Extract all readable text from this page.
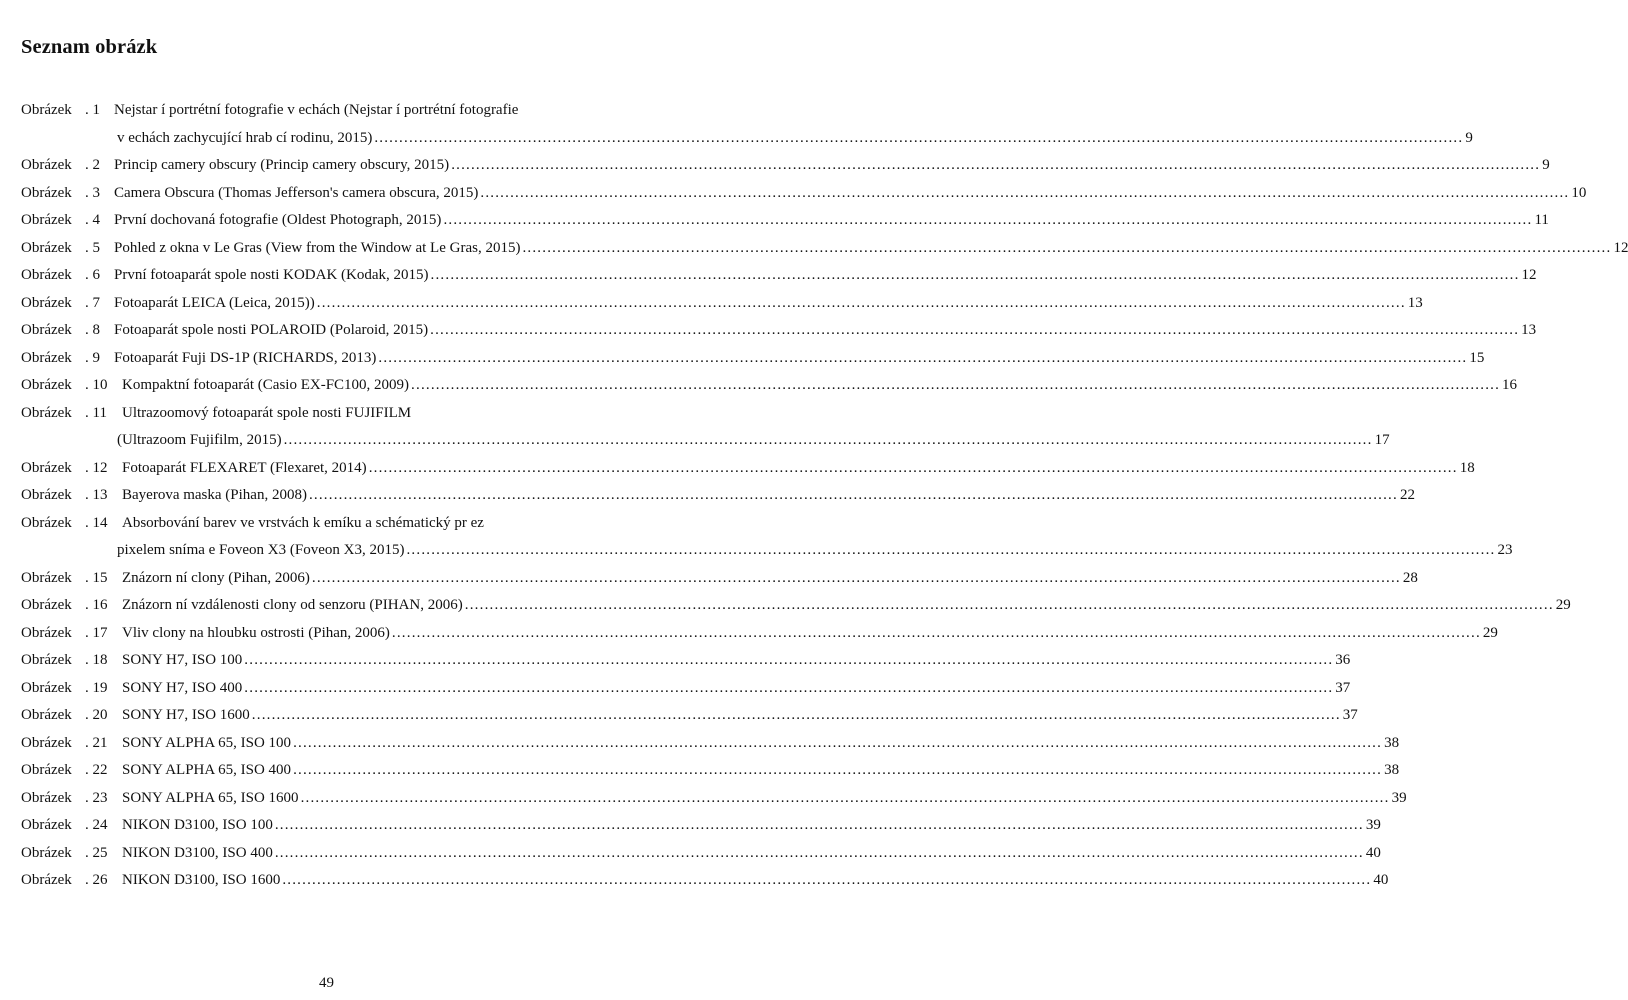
Seznam obrázk
Obrázek . 1 Nejstar í portrétní fotografie v echách (Nejstar í portrétní fotografie
v echách zachycující hrab cí rodinu, 2015) ............................................................................................................................................................................................................................ 9
Obrázek . 2 Princip camery obscury (Princip camery obscury, 2015) ............................................................................................................................................................................................................................ 9
Obrázek . 3 Camera Obscura (Thomas Jefferson's camera obscura, 2015) ............................................................................................................................................................................................................................ 10
Obrázek . 4 První dochovaná fotografie (Oldest Photograph, 2015) ............................................................................................................................................................................................................................ 11
Obrázek . 5 Pohled z okna v Le Gras (View from the Window at Le Gras, 2015) ............................................................................................................................................................................................................................ 12
Obrázek . 6 První fotoaparát spole nosti KODAK (Kodak, 2015) ............................................................................................................................................................................................................................ 12
Obrázek . 7 Fotoaparát LEICA (Leica, 2015)) ............................................................................................................................................................................................................................ 13
Obrázek . 8 Fotoaparát spole nosti POLAROID (Polaroid, 2015) ............................................................................................................................................................................................................................ 13
Obrázek . 9 Fotoaparát Fuji DS-1P (RICHARDS, 2013) ............................................................................................................................................................................................................................ 15
Obrázek . 10 Kompaktní fotoaparát (Casio EX-FC100, 2009) ............................................................................................................................................................................................................................ 16
Obrázek . 11 Ultrazoomový fotoaparát spole nosti FUJIFILM
(Ultrazoom Fujifilm, 2015) ............................................................................................................................................................................................................................ 17
Obrázek . 12 Fotoaparát FLEXARET (Flexaret, 2014) ............................................................................................................................................................................................................................ 18
Obrázek . 13 Bayerova maska (Pihan, 2008) ............................................................................................................................................................................................................................ 22
Obrázek . 14 Absorbování barev ve vrstvách k emíku a schématický pr ez
pixelem sníma e Foveon X3 (Foveon X3, 2015) ............................................................................................................................................................................................................................ 23
Obrázek . 15 Znázorn ní clony (Pihan, 2006) ............................................................................................................................................................................................................................ 28
Obrázek . 16 Znázorn ní vzdálenosti clony od senzoru (PIHAN, 2006) ............................................................................................................................................................................................................................ 29
Obrázek . 17 Vliv clony na hloubku ostrosti (Pihan, 2006) ............................................................................................................................................................................................................................ 29
Obrázek . 18 SONY H7, ISO 100 ............................................................................................................................................................................................................................ 36
Obrázek . 19 SONY H7, ISO 400 ............................................................................................................................................................................................................................ 37
Obrázek . 20 SONY H7, ISO 1600 ............................................................................................................................................................................................................................ 37
Obrázek . 21 SONY ALPHA 65, ISO 100 ............................................................................................................................................................................................................................ 38
Obrázek . 22 SONY ALPHA 65, ISO 400 ............................................................................................................................................................................................................................ 38
Obrázek . 23 SONY ALPHA 65, ISO 1600 ............................................................................................................................................................................................................................ 39
Obrázek . 24 NIKON D3100, ISO 100 ............................................................................................................................................................................................................................ 39
Obrázek . 25 NIKON D3100, ISO 400 ............................................................................................................................................................................................................................ 40
Obrázek . 26 NIKON D3100, ISO 1600 ............................................................................................................................................................................................................................ 40
49
